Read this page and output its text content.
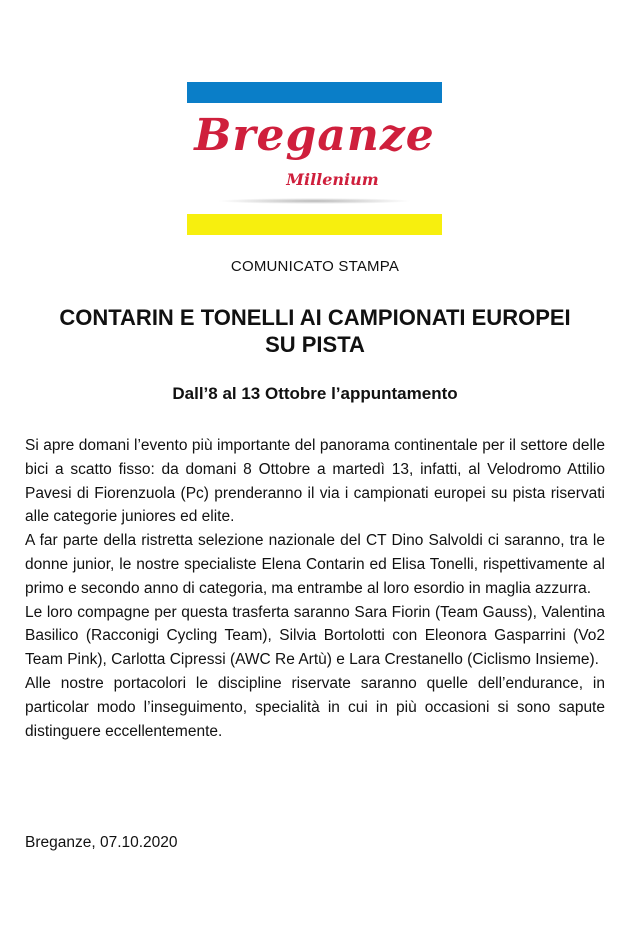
Breganze
Millenium
COMUNICATO STAMPA
CONTARIN E TONELLI AI CAMPIONATI EUROPEI
SU PISTA
Dall’8 al 13 Ottobre l’appuntamento

Si apre domani l’evento più importante del panorama continentale per il settore delle bici a scatto fisso: da domani 8 Ottobre a martedì 13, infatti, al Velodromo Attilio Pavesi di Fiorenzuola (Pc) prenderanno il via i campionati europei su pista riservati alle categorie juniores ed elite.

A far parte della ristretta selezione nazionale del CT Dino Salvoldi ci saranno, tra le donne junior, le nostre specialiste Elena Contarin ed Elisa Tonelli, rispettivamente al primo e secondo anno di categoria, ma entrambe al loro esordio in maglia azzurra.

Le loro compagne per questa trasferta saranno Sara Fiorin (Team Gauss), Valentina Basilico (Racconigi Cycling Team), Silvia Bortolotti con Eleonora Gasparrini (Vo2 Team Pink), Carlotta Cipressi (AWC Re Artù) e Lara Crestanello (Ciclismo Insieme).

Alle nostre portacolori le discipline riservate saranno quelle dell’endurance, in particolar modo l’inseguimento, specialità in cui in più occasioni si sono sapute distinguere eccellentemente.

Breganze, 07.10.2020
